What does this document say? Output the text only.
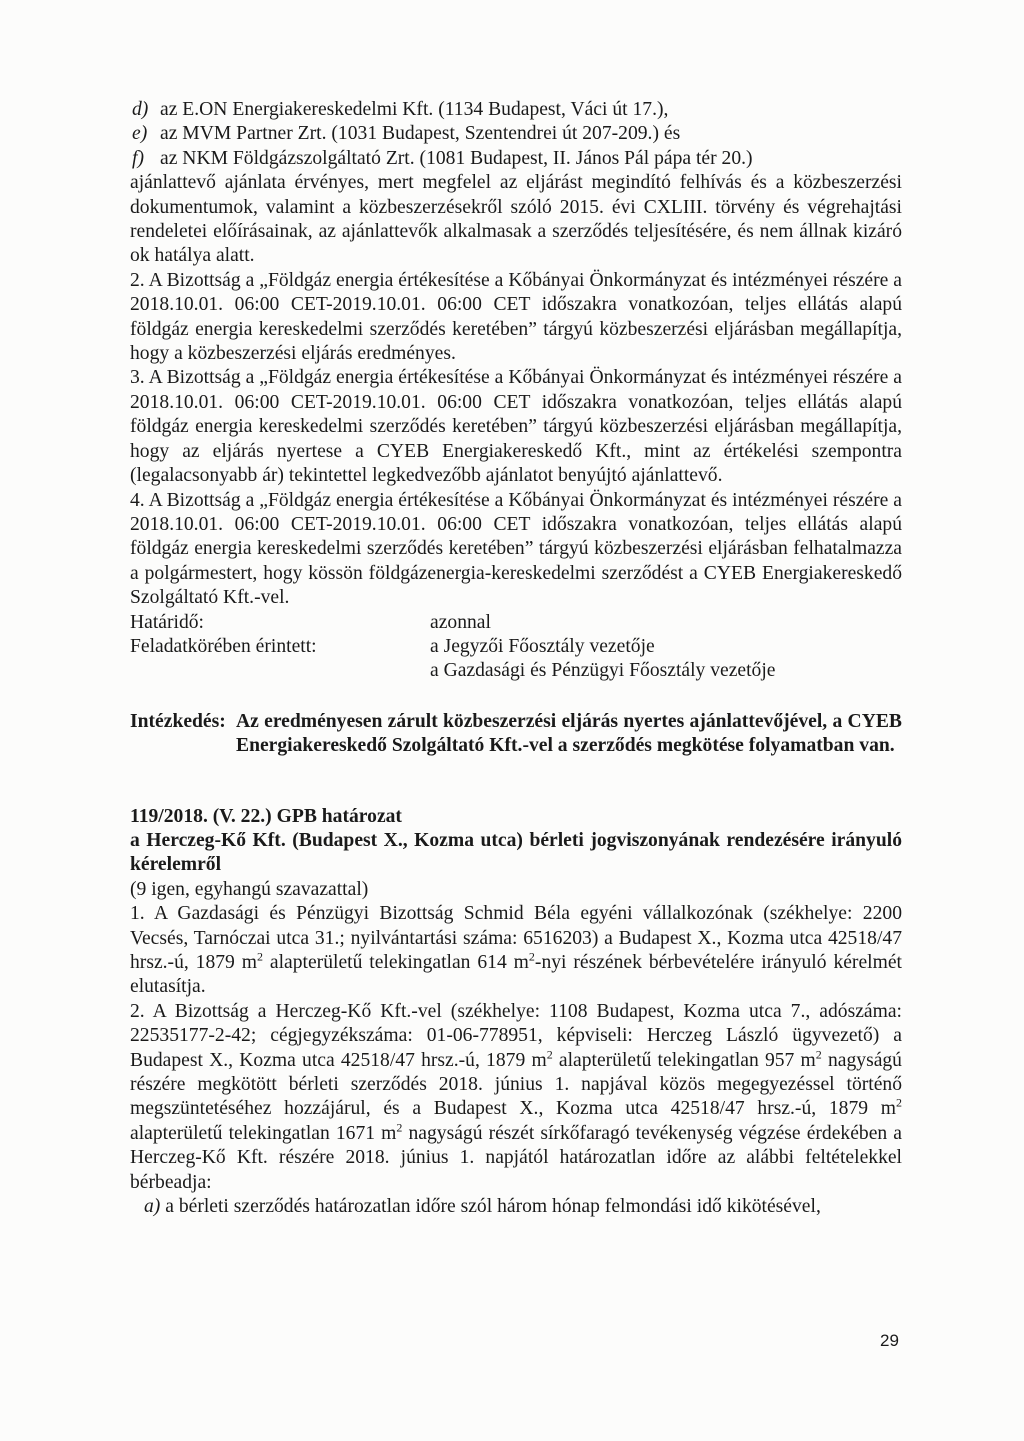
d) az E.ON Energiakereskedelmi Kft. (1134 Budapest, Váci út 17.),
e) az MVM Partner Zrt. (1031 Budapest, Szentendrei út 207-209.) és
f) az NKM Földgázszolgáltató Zrt. (1081 Budapest, II. János Pál pápa tér 20.)
ajánlattevő ajánlata érvényes, mert megfelel az eljárást megindító felhívás és a közbeszerzési dokumentumok, valamint a közbeszerzésekről szóló 2015. évi CXLIII. törvény és végrehajtási rendeletei előírásainak, az ajánlattevők alkalmasak a szerződés teljesítésére, és nem állnak kizáró ok hatálya alatt.
2. A Bizottság a „Földgáz energia értékesítése a Kőbányai Önkormányzat és intézményei részére a 2018.10.01. 06:00 CET-2019.10.01. 06:00 CET időszakra vonatkozóan, teljes ellátás alapú földgáz energia kereskedelmi szerződés keretében” tárgyú közbeszerzési eljárásban megállapítja, hogy a közbeszerzési eljárás eredményes.
3. A Bizottság a „Földgáz energia értékesítése a Kőbányai Önkormányzat és intézményei részére a 2018.10.01. 06:00 CET-2019.10.01. 06:00 CET időszakra vonatkozóan, teljes ellátás alapú földgáz energia kereskedelmi szerződés keretében” tárgyú közbeszerzési eljárásban megállapítja, hogy az eljárás nyertese a CYEB Energiakereskedő Kft., mint az értékelési szempontra (legalacsonyabb ár) tekintettel legkedvezőbb ajánlatot benyújtó ajánlattevő.
4. A Bizottság a „Földgáz energia értékesítése a Kőbányai Önkormányzat és intézményei részére a 2018.10.01. 06:00 CET-2019.10.01. 06:00 CET időszakra vonatkozóan, teljes ellátás alapú földgáz energia kereskedelmi szerződés keretében” tárgyú közbeszerzési eljárásban felhatalmazza a polgármestert, hogy kössön földgázenergia-kereskedelmi szerződést a CYEB Energiakereskedő Szolgáltató Kft.-vel.
Határidő:	azonnal
Feladatkörében érintett:	a Jegyzői Főosztály vezetője
a Gazdasági és Pénzügyi Főosztály vezetője
Intézkedés: Az eredményesen zárult közbeszerzési eljárás nyertes ajánlattevőjével, a CYEB Energiakereskedő Szolgáltató Kft.-vel a szerződés megkötése folyamatban van.
119/2018. (V. 22.) GPB határozat
a Herczeg-Kő Kft. (Budapest X., Kozma utca) bérleti jogviszonyának rendezésére irányuló kérelemről
(9 igen, egyhangú szavazattal)
1. A Gazdasági és Pénzügyi Bizottság Schmid Béla egyéni vállalkozónak (székhelye: 2200 Vecsés, Tarnóczai utca 31.; nyilvántartási száma: 6516203) a Budapest X., Kozma utca 42518/47 hrsz.-ú, 1879 $m^2$ alapterületű telekingatlan 614 $m^2$-nyi részének bérbevételére irányuló kérelmét elutasítja.
2. A Bizottság a Herczeg-Kő Kft.-vel (székhelye: 1108 Budapest, Kozma utca 7., adószáma: 22535177-2-42; cégjegyzékszáma: 01-06-778951, képviseli: Herczeg László ügyvezető) a Budapest X., Kozma utca 42518/47 hrsz.-ú, 1879 $m^2$ alapterületű telekingatlan 957 $m^2$ nagyságú részére megkötött bérleti szerződés 2018. június 1. napjával közös megegyezéssel történő megszüntetéséhez hozzájárul, és a Budapest X., Kozma utca 42518/47 hrsz.-ú, 1879 $m^2$ alapterületű telekingatlan 1671 $m^2$ nagyságú részét sírkőfaragó tevékenység végzése érdekében a Herczeg-Kő Kft. részére 2018. június 1. napjától határozatlan időre az alábbi feltételekkel bérbeadja:
a) a bérleti szerződés határozatlan időre szól három hónap felmondási idő kikötésével,
29
